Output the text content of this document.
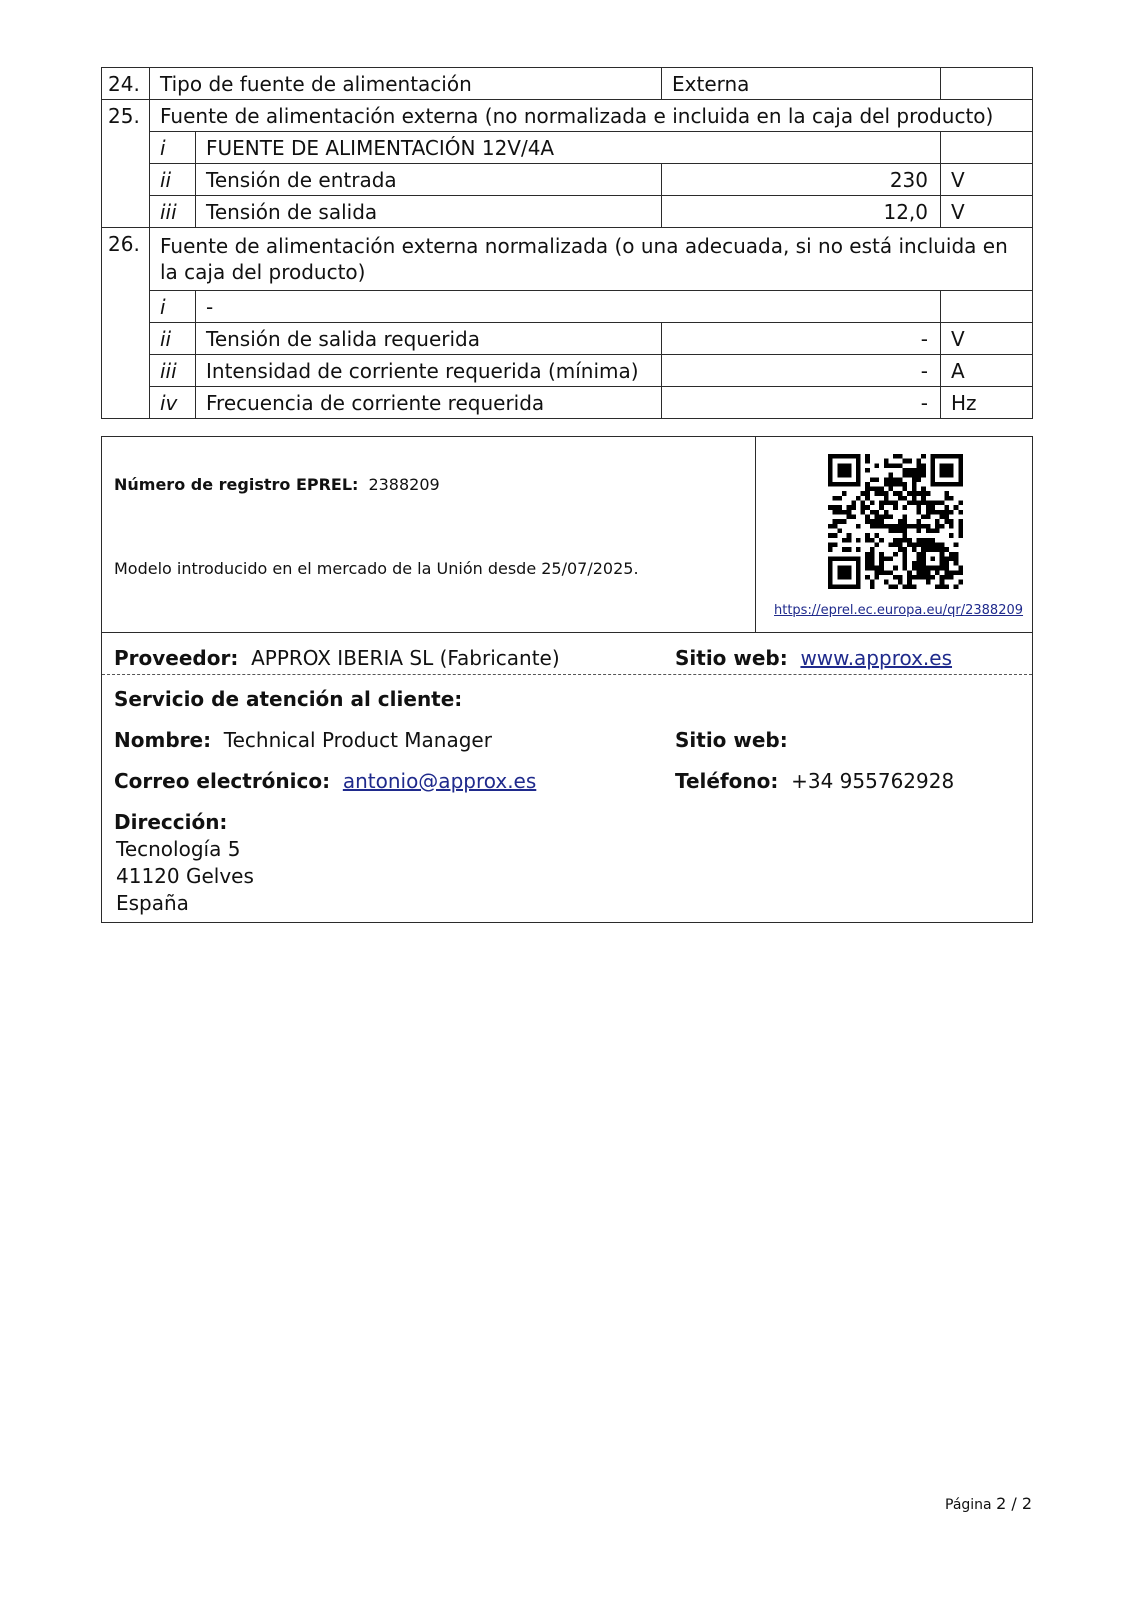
24.	Tipo de fuente de alimentación		Externa	
25.	Fuente de alimentación externa (no normalizada e incluida en la caja del producto)			
	i	FUENTE DE ALIMENTACIÓN 12V/4A		
	ii	Tensión de entrada	230	V
	iii	Tensión de salida	12,0	V
26.	Fuente de alimentación externa normalizada (o una adecuada, si no está incluida en la caja del producto)			
	i	-		
	ii	Tensión de salida requerida	-	V
	iii	Intensidad de corriente requerida (mínima)	-	A
	iv	Frecuencia de corriente requerida	-	Hz
Número de registro EPREL: 2388209
Modelo introducido en el mercado de la Unión desde 25/07/2025.
https://eprel.ec.europa.eu/qr/2388209
Proveedor: APPROX IBERIA SL (Fabricante)	Sitio web: www.approx.es
Servicio de atención al cliente:
Nombre: Technical Product Manager	Sitio web:
Correo electrónico: antonio@approx.es	Teléfono: +34 955762928
Dirección:
Tecnología 5
41120 Gelves
España
Página 2 / 2
